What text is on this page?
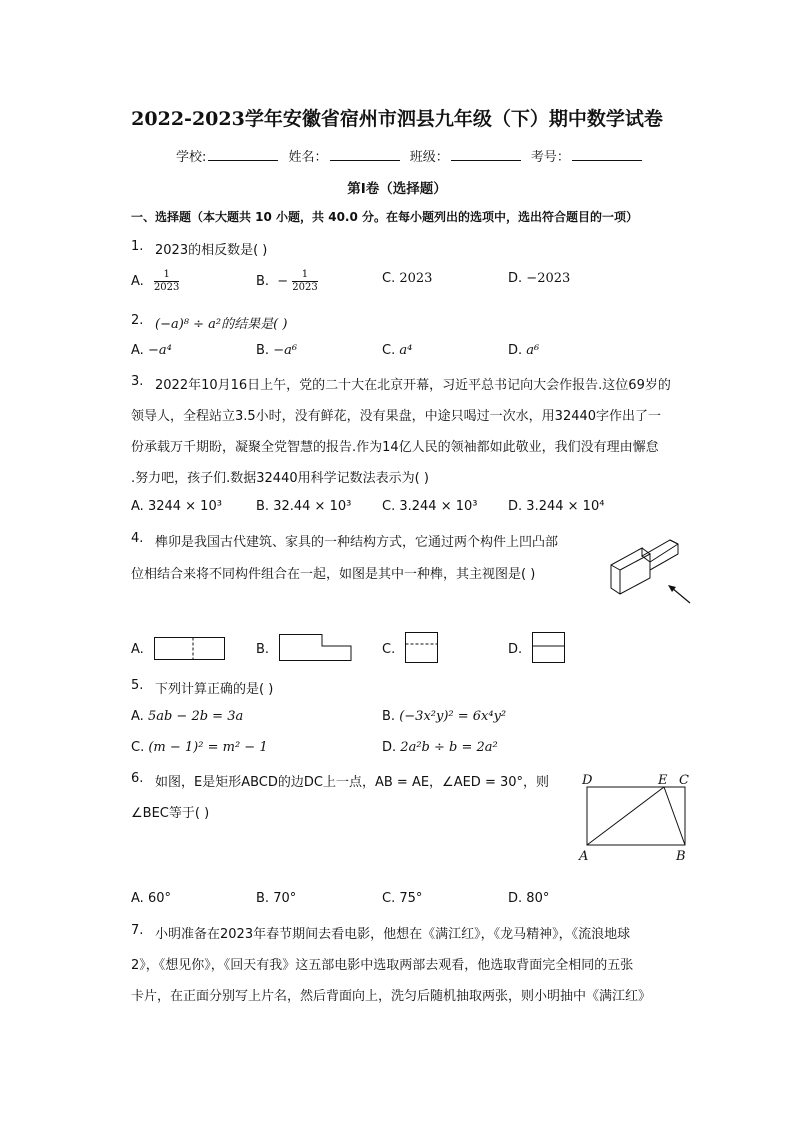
2022-2023学年安徽省宿州市泗县九年级（下）期中数学试卷
学校:	姓名：	班级：	考号：
第I卷（选择题）
一、选择题（本大题共 10 小题，共 40.0 分。在每小题列出的选项中，选出符合题目的一项）
1. 2023的相反数是( )
A. $\frac{1}{2023}$	B. − $\frac{1}{2023}$	C. 2023	D. −2023
2. (−a)⁸ ÷ a²的结果是( )
A. −a⁴	B. −a⁶	C. a⁴	D. a⁶
3. 2022年10月16日上午，党的二十大在北京开幕，习近平总书记向大会作报告.这位69岁的
领导人，全程站立3.5小时，没有鲜花，没有果盘，中途只喝过一次水，用32440字作出了一
份承载万千期盼，凝聚全党智慧的报告.作为14亿人民的领袖都如此敬业，我们没有理由懈怠
.努力吧，孩子们.数据32440用科学记数法表示为( )
A. 3244 × 10³	B. 32.44 × 10³ C. 3.244 × 10³ D. 3.244 × 10⁴
4. 榫卯是我国古代建筑、家具的一种结构方式，它通过两个构件上凹凸部
位相结合来将不同构件组合在一起，如图是其中一种榫，其主视图是( )
A.	B.	C.	D.
5. 下列计算正确的是( )
A. 5ab − 2b = 3a	B. (−3x²y)² = 6x⁴y²
C. (m − 1)² = m² − 1	D. 2a²b ÷ b = 2a²
6. 如图，E是矩形ABCD的边DC上一点，AB = AE，∠AED = 30°，则
∠BEC等于( )
D	E C
A	B
A. 60°	B. 70°	C. 75°	D. 80°
7. 小明准备在2023年春节期间去看电影，他想在《满江红》，《龙马精神》，《流浪地球
2》，《想见你》，《回天有我》这五部电影中选取两部去观看，他选取背面完全相同的五张
卡片，在正面分别写上片名，然后背面向上，洗匀后随机抽取两张，则小明抽中《满江红》
